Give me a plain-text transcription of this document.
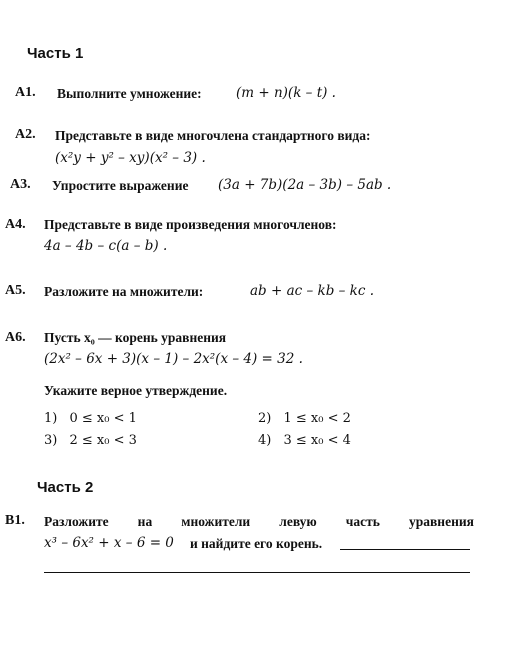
Часть 1
А1. Выполните умножение:	(m + n)(k – t) .
А2. Представьте в виде многочлена стандартного вида:
(x²y + y² – xy)(x² – 3) .
А3. Упростите выражение (3a + 7b)(2a – 3b) – 5ab .
А4. Представьте в виде произведения многочленов:
4a – 4b – c(a – b) .
А5. Разложите на множители:	ab + ac – kb – kc .
А6. Пусть x₀ — корень уравнения
(2x² – 6x + 3)(x – 1) – 2x²(x – 4) = 32 .
Укажите верное утверждение.
1) 0 ≤ x₀ < 1	2) 1 ≤ x₀ < 2
3) 2 ≤ x₀ < 3	4) 3 ≤ x₀ < 4
Часть 2
В1. Разложите на множители левую часть уравнения
x³ – 6x² + x – 6 = 0 и найдите его корень.
